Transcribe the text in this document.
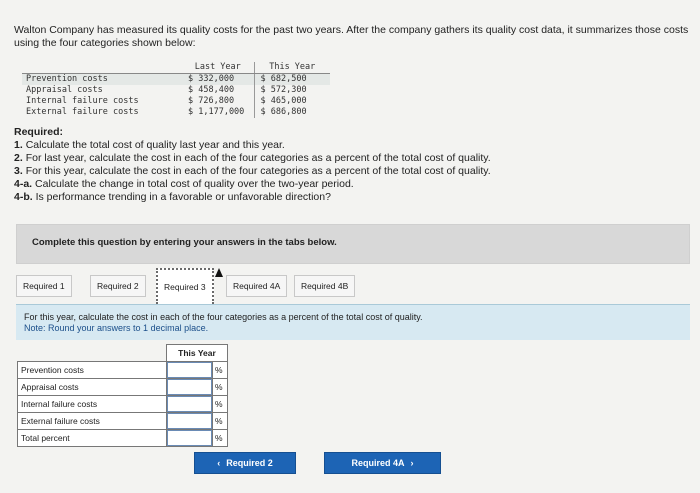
Walton Company has measured its quality costs for the past two years. After the company gathers its quality cost data, it summarizes those costs using the four categories shown below:
	Last Year	This Year
Prevention costs	$ 332,000	$ 682,500
Appraisal costs	$ 458,400	$ 572,300
Internal failure costs	$ 726,800	$ 465,000
External failure costs	$ 1,177,000	$ 686,800
Required:
1. Calculate the total cost of quality last year and this year.
2. For last year, calculate the cost in each of the four categories as a percent of the total cost of quality.
3. For this year, calculate the cost in each of the four categories as a percent of the total cost of quality.
4-a. Calculate the change in total cost of quality over the two-year period.
4-b. Is performance trending in a favorable or unfavorable direction?
Complete this question by entering your answers in the tabs below.
Required 1	Required 2	Required 3	Required 4A	Required 4B
For this year, calculate the cost in each of the four categories as a percent of the total cost of quality.
Note: Round your answers to 1 decimal place.
	This Year	
Prevention costs		%
Appraisal costs		%
Internal failure costs		%
External failure costs		%
Total percent		%
‹ Required 2	Required 4A ›
